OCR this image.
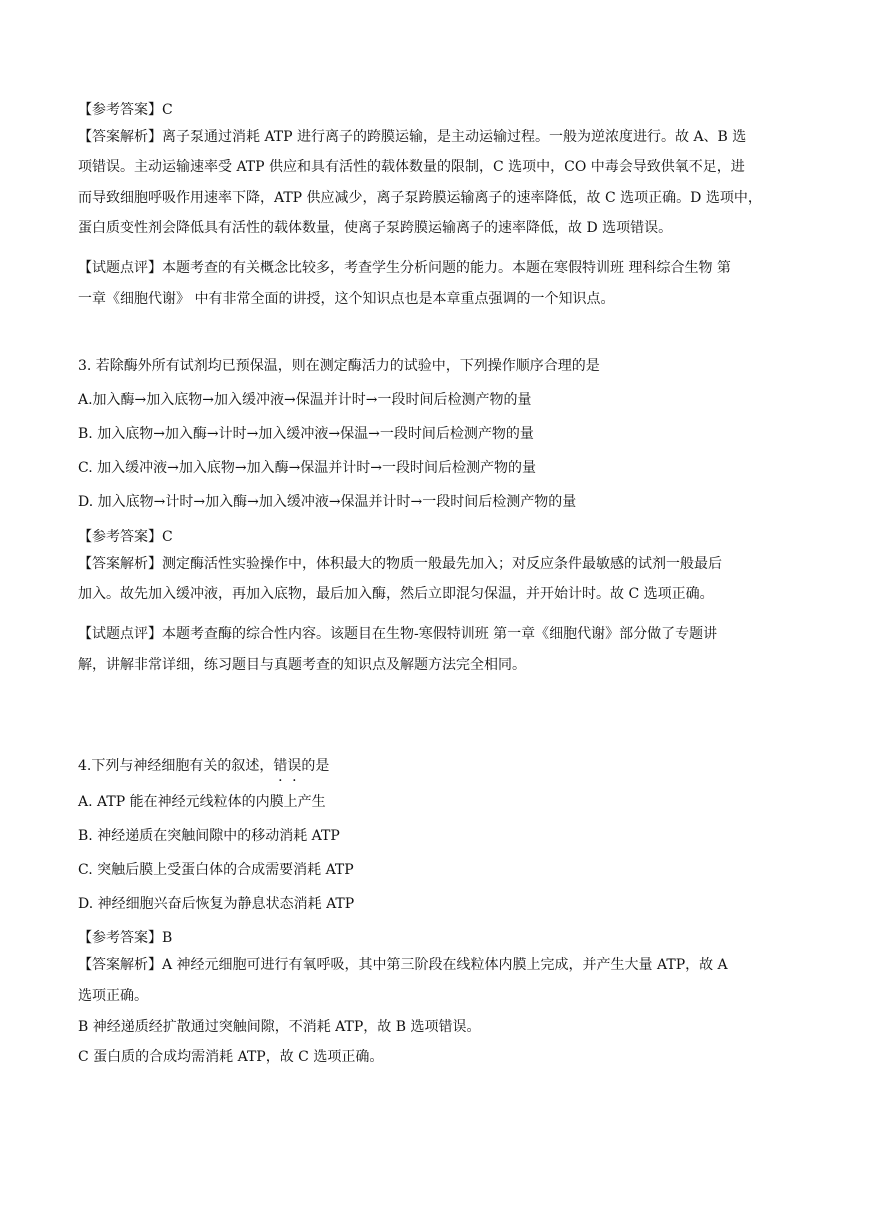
【参考答案】C
【答案解析】离子泵通过消耗 ATP 进行离子的跨膜运输，是主动运输过程。一般为逆浓度进行。故 A、B 选
项错误。主动运输速率受 ATP 供应和具有活性的载体数量的限制，C 选项中，CO 中毒会导致供氧不足，进
而导致细胞呼吸作用速率下降，ATP 供应减少，离子泵跨膜运输离子的速率降低，故 C 选项正确。D 选项中，
蛋白质变性剂会降低具有活性的载体数量，使离子泵跨膜运输离子的速率降低，故 D 选项错误。
【试题点评】本题考查的有关概念比较多，考查学生分析问题的能力。本题在寒假特训班 理科综合生物 第
一章《细胞代谢》 中有非常全面的讲授，这个知识点也是本章重点强调的一个知识点。
3. 若除酶外所有试剂均已预保温，则在测定酶活力的试验中，下列操作顺序合理的是
A.加入酶→加入底物→加入缓冲液→保温并计时→一段时间后检测产物的量
B. 加入底物→加入酶→计时→加入缓冲液→保温→一段时间后检测产物的量
C. 加入缓冲液→加入底物→加入酶→保温并计时→一段时间后检测产物的量
D. 加入底物→计时→加入酶→加入缓冲液→保温并计时→一段时间后检测产物的量
【参考答案】C
【答案解析】测定酶活性实验操作中，体积最大的物质一般最先加入；对反应条件最敏感的试剂一般最后
加入。故先加入缓冲液，再加入底物，最后加入酶，然后立即混匀保温，并开始计时。故 C 选项正确。
【试题点评】本题考查酶的综合性内容。该题目在生物-寒假特训班 第一章《细胞代谢》部分做了专题讲
解，讲解非常详细，练习题目与真题考查的知识点及解题方法完全相同。
4.下列与神经细胞有关的叙述，错误的是
A. ATP 能在神经元线粒体的内膜上产生
B. 神经递质在突触间隙中的移动消耗 ATP
C. 突触后膜上受蛋白体的合成需要消耗 ATP
D. 神经细胞兴奋后恢复为静息状态消耗 ATP
【参考答案】B
【答案解析】A 神经元细胞可进行有氧呼吸，其中第三阶段在线粒体内膜上完成，并产生大量 ATP，故 A
选项正确。
B 神经递质经扩散通过突触间隙，不消耗 ATP，故 B 选项错误。
C 蛋白质的合成均需消耗 ATP，故 C 选项正确。
